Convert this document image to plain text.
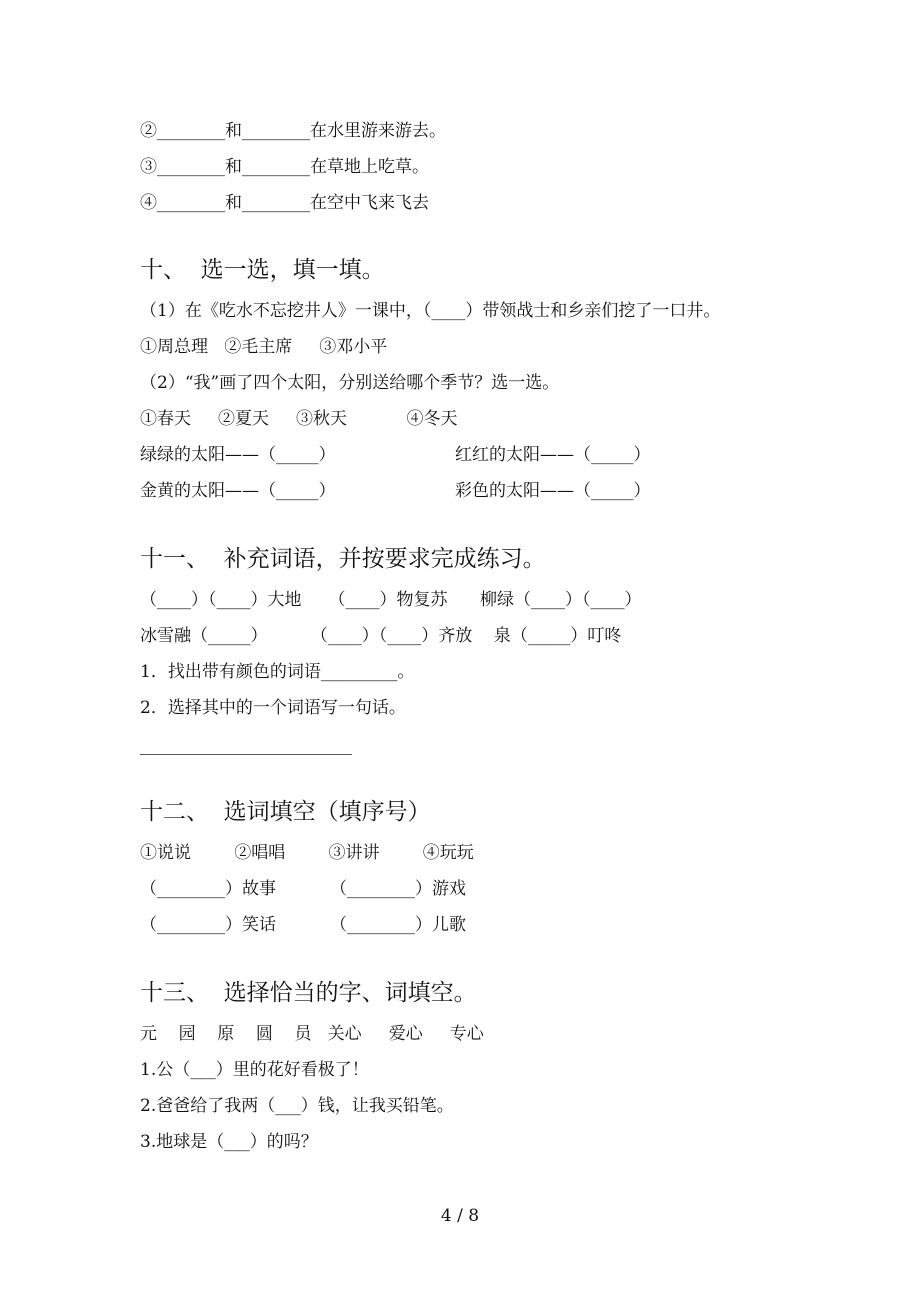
②________和________在水里游来游去。
③________和________在草地上吃草。
④________和________在空中飞来飞去
十、  选一选，填一填。
（1）在《吃水不忘挖井人》一课中，（____）带领战士和乡亲们挖了一口井。
①周总理   ②毛主席     ③邓小平
（2）“我”画了四个太阳，分别送给哪个季节？选一选。
①春天     ②夏天     ③秋天           ④冬天
绿绿的太阳——（_____）	红红的太阳——（_____）
金黄的太阳——（_____）	彩色的太阳——（_____）
十一、  补充词语，并按要求完成练习。
（____）（____）大地     （____）物复苏      柳绿（____）（____）
冰雪融（_____）        （____）（____）齐放    泉（_____）叮咚
1．找出带有颜色的词语_________。
2．选择其中的一个词语写一句话。
十二、  选词填空（填序号）
①说说        ②唱唱        ③讲讲        ④玩玩
（________）故事          （________）游戏
（________）笑话          （________）儿歌
十三、  选择恰当的字、词填空。
元    园    原    圆    员   关心     爱心     专心
1.公（___）里的花好看极了！
2.爸爸给了我两（___）钱，让我买铅笔。
3.地球是（___）的吗？
4 / 8
